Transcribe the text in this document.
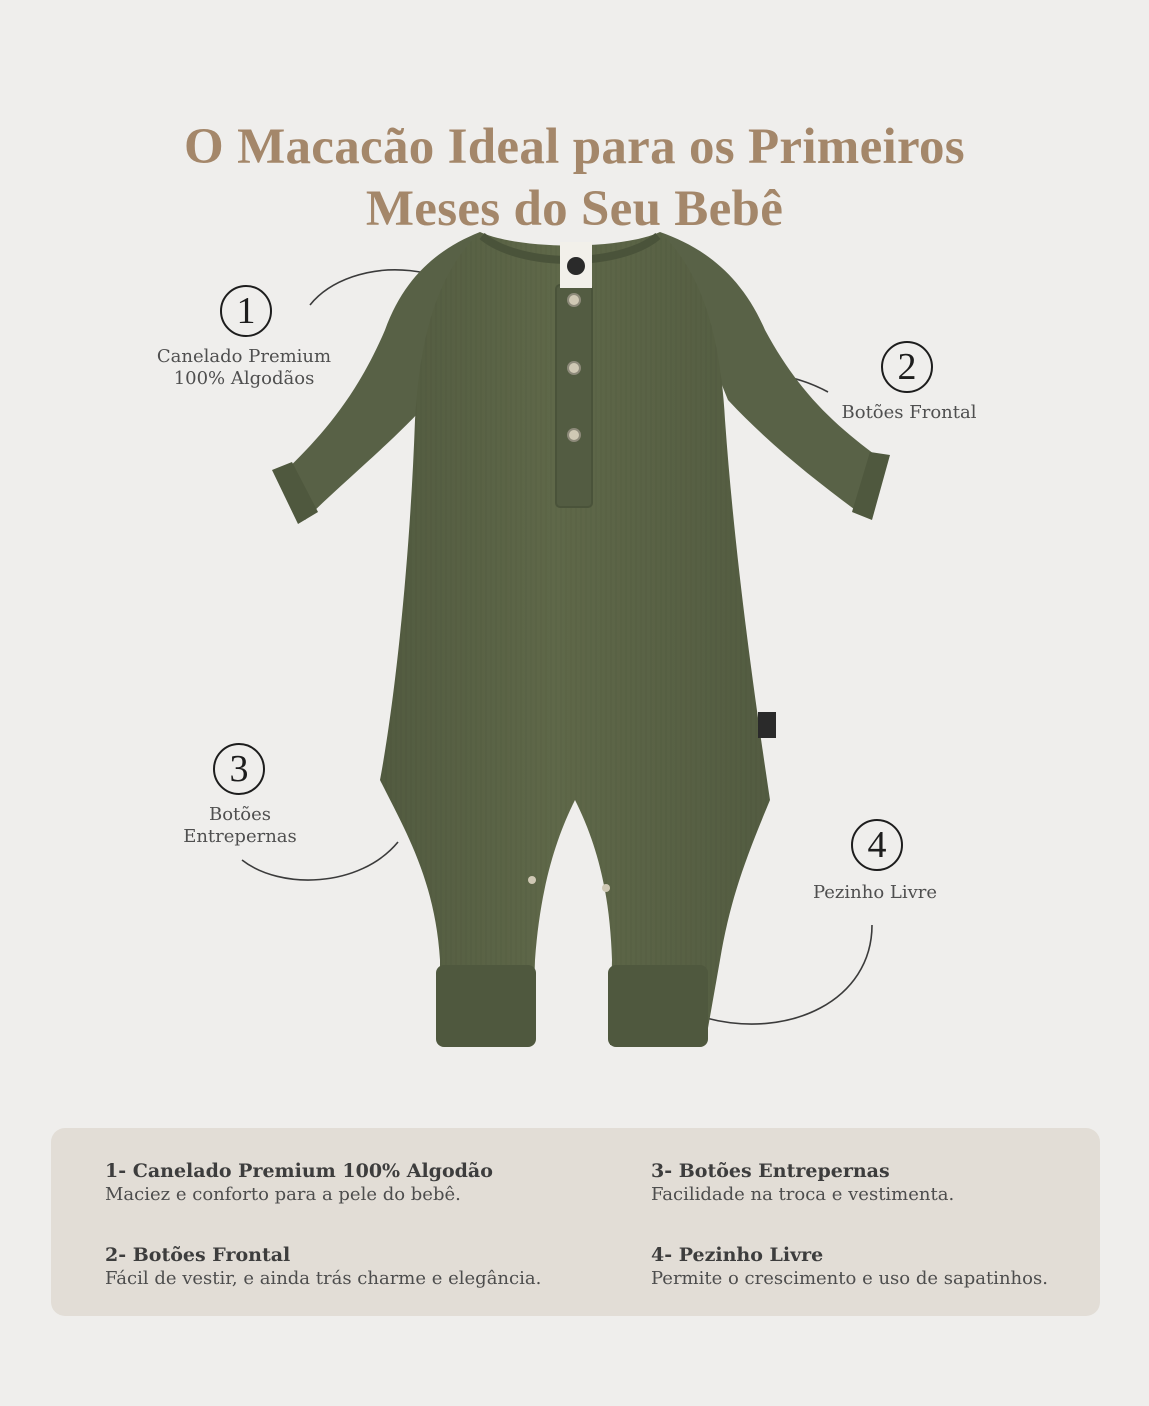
O Macacão Ideal para os Primeiros
Meses do Seu Bebê
1
Canelado Premium
100% Algodãos	2
Botões Frontal
3
Botões
Entrepernas	4
Pezinho Livre
1- Canelado Premium 100% Algodão
Maciez e conforto para a pele do bebê.
2- Botões Frontal
Fácil de vestir, e ainda trás charme e elegância.
3- Botões Entrepernas
Facilidade na troca e vestimenta.
4- Pezinho Livre
Permite o crescimento e uso de sapatinhos.
